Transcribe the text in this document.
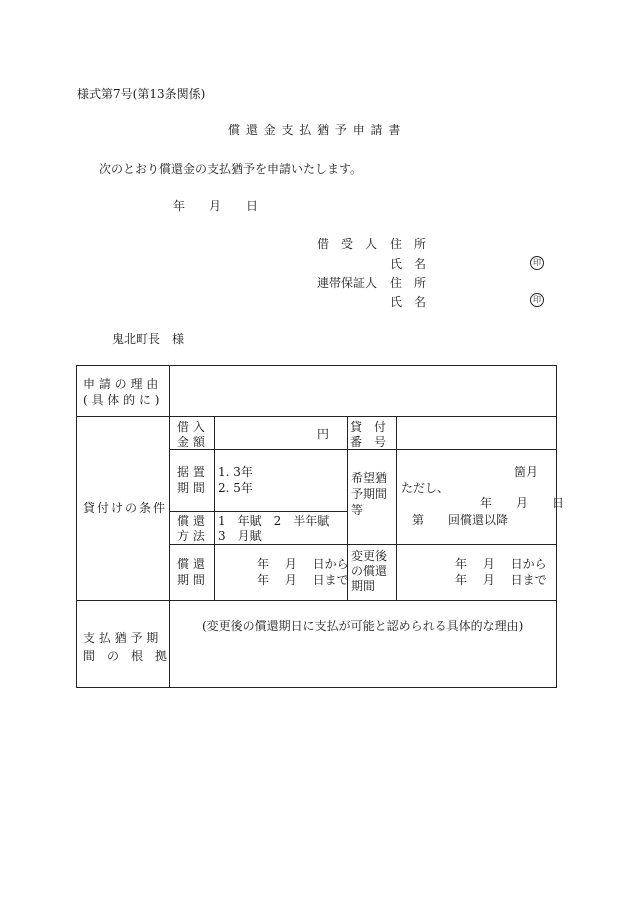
様式第7号(第13条関係)
償 還 金 支 払 猶 予 申 請 書
次のとおり償還金の支払猶予を申請いたします。
年 月 日
借　受　人 住　所
氏　名	印
連帯保証人 住　所
氏　名	印
鬼北町長　様
申 請 の 理 由
( 具 体 的 に )
貸付けの条件
借 入
金 額
円 貸　付
番　号
据 置
期 間
1. 3年
2. 5年
償 還
方 法
1　年賦　2　半年賦
3　月賦
希望猶
予期間
等
箇月
ただし、
年　　月　　日
第　　回償還以降
償 還
期 間
年　 月　 日から
年　 月　 日まで
変更後
の償還
期間
年　 月　 日から
年　 月　 日まで
支 払 猶 予 期
間　の　根　拠
(変更後の償還期日に支払が可能と認められる具体的な理由)
